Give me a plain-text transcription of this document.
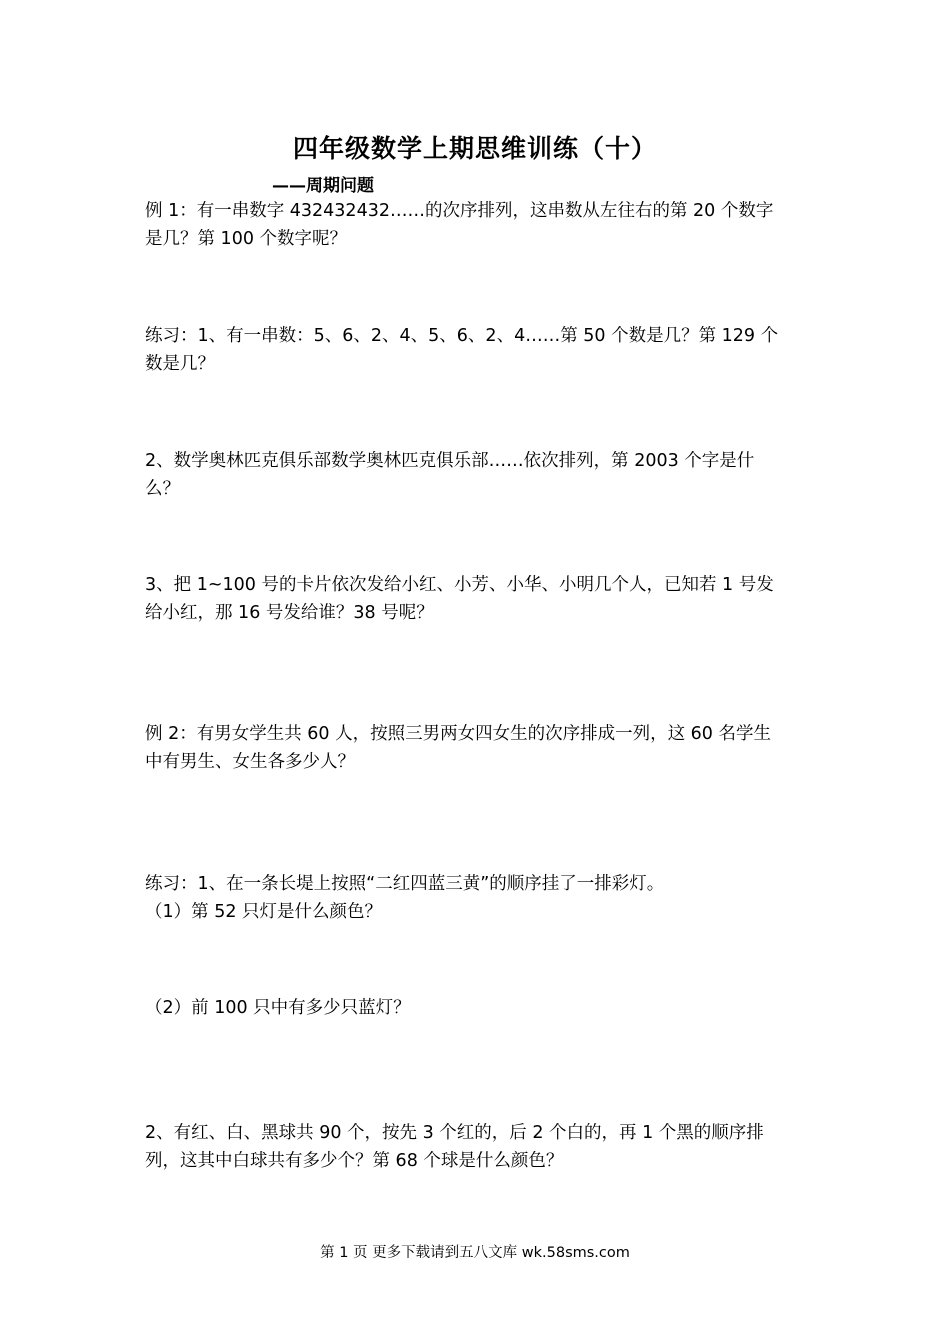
四年级数学上期思维训练（十）
——周期问题
例 1：有一串数字 432432432……的次序排列，这串数从左往右的第 20 个数字
是几？第 100 个数字呢？
练习：1、有一串数：5、6、2、4、5、6、2、4……第 50 个数是几？第 129 个
数是几？
2、数学奥林匹克俱乐部数学奥林匹克俱乐部……依次排列，第 2003 个字是什
么？
3、把 1~100 号的卡片依次发给小红、小芳、小华、小明几个人，已知若 1 号发
给小红，那 16 号发给谁？38 号呢？
例 2：有男女学生共 60 人，按照三男两女四女生的次序排成一列，这 60 名学生
中有男生、女生各多少人？
练习：1、在一条长堤上按照“二红四蓝三黄”的顺序挂了一排彩灯。
（1）第 52 只灯是什么颜色？
（2）前 100 只中有多少只蓝灯？
2、有红、白、黑球共 90 个，按先 3 个红的，后 2 个白的，再 1 个黑的顺序排
列，这其中白球共有多少个？第 68 个球是什么颜色？
第 1 页 更多下载请到五八文库 wk.58sms.com
